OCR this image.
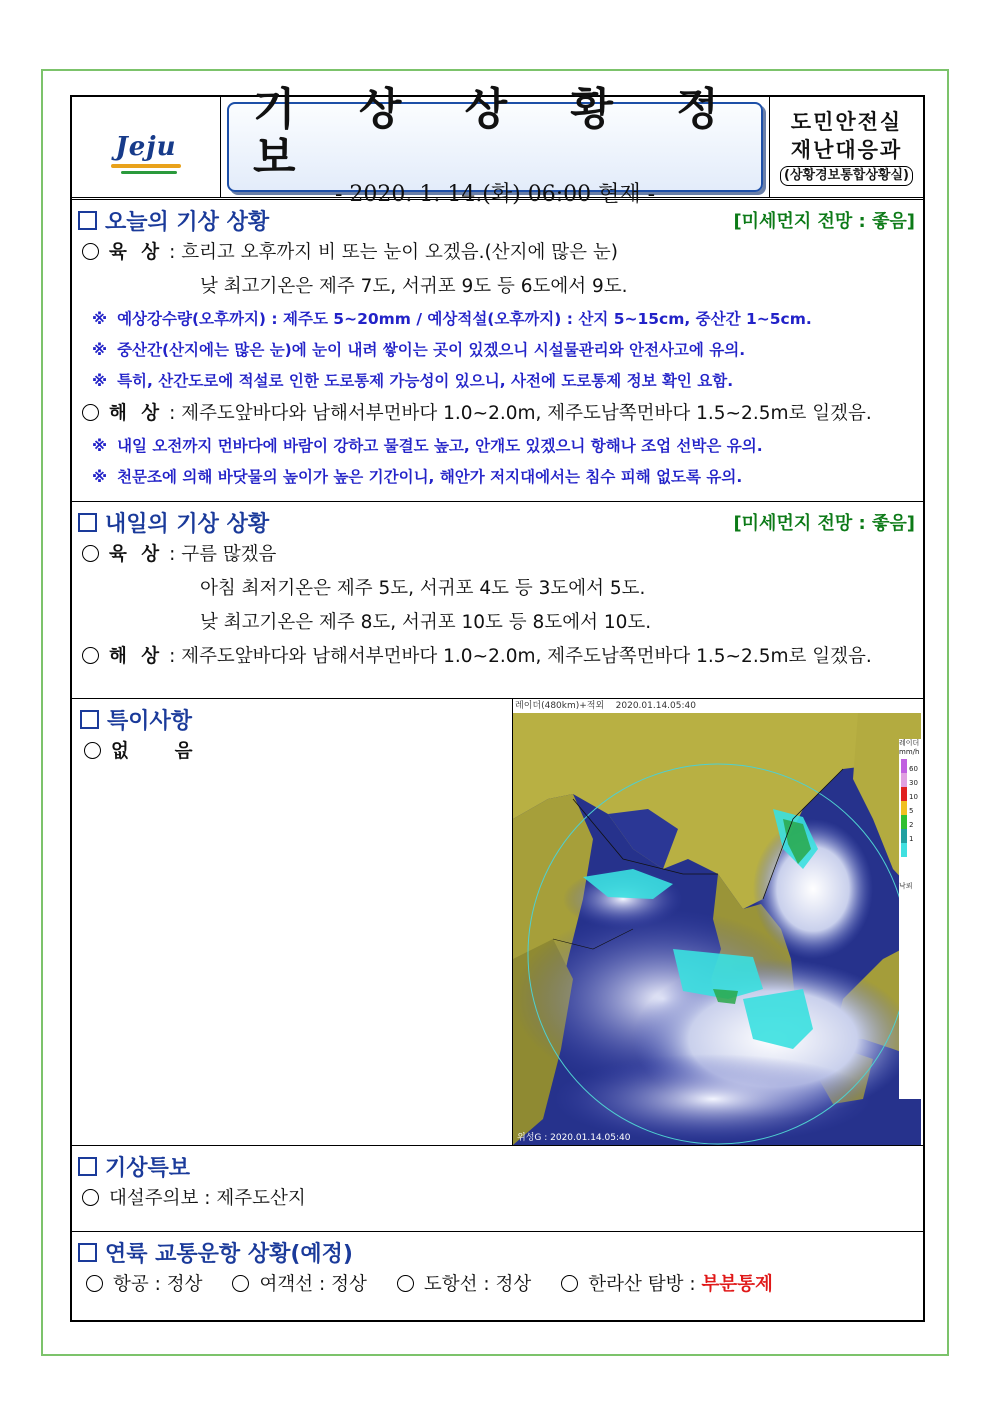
Jeju
기 상 상 황 정 보
- 2020. 1. 14.(화) 06:00 현재 -
도민안전실
재난대응과
(상황경보통합상황실)
오늘의 기상 상황	[미세먼지 전망 : 좋음]
육 상 : 흐리고 오후까지 비 또는 눈이 오겠음.(산지에 많은 눈)
낮 최고기온은 제주 7도, 서귀포 9도 등 6도에서 9도.
※ 예상강수량(오후까지) : 제주도 5~20mm / 예상적설(오후까지) : 산지 5~15cm, 중산간 1~5cm.
※ 중산간(산지에는 많은 눈)에 눈이 내려 쌓이는 곳이 있겠으니 시설물관리와 안전사고에 유의.
※ 특히, 산간도로에 적설로 인한 도로통제 가능성이 있으니, 사전에 도로통제 정보 확인 요함.
해 상 : 제주도앞바다와 남해서부먼바다 1.0~2.0m, 제주도남쪽먼바다 1.5~2.5m로 일겠음.
※ 내일 오전까지 먼바다에 바람이 강하고 물결도 높고, 안개도 있겠으니 항해나 조업 선박은 유의.
※ 천문조에 의해 바닷물의 높이가 높은 기간이니, 해안가 저지대에서는 침수 피해 없도록 유의.
내일의 기상 상황	[미세먼지 전망 : 좋음]
육 상 : 구름 많겠음
아침 최저기온은 제주 5도, 서귀포 4도 등 3도에서 5도.
낮 최고기온은 제주 8도, 서귀포 10도 등 8도에서 10도.
해 상 : 제주도앞바다와 남해서부먼바다 1.0~2.0m, 제주도남쪽먼바다 1.5~2.5m로 일겠음.
특이사항
없    음
레이더(480km)+적외    2020.01.14.05:40
레이더 mm/h
60
30
10
5
2
1
낙뢰
위성G : 2020.01.14.05:40
기상특보
대설주의보 : 제주도산지
연륙 교통운항 상황(예정)
항공 : 정상	여객선 : 정상	도항선 : 정상	한라산 탐방 : 부분통제
